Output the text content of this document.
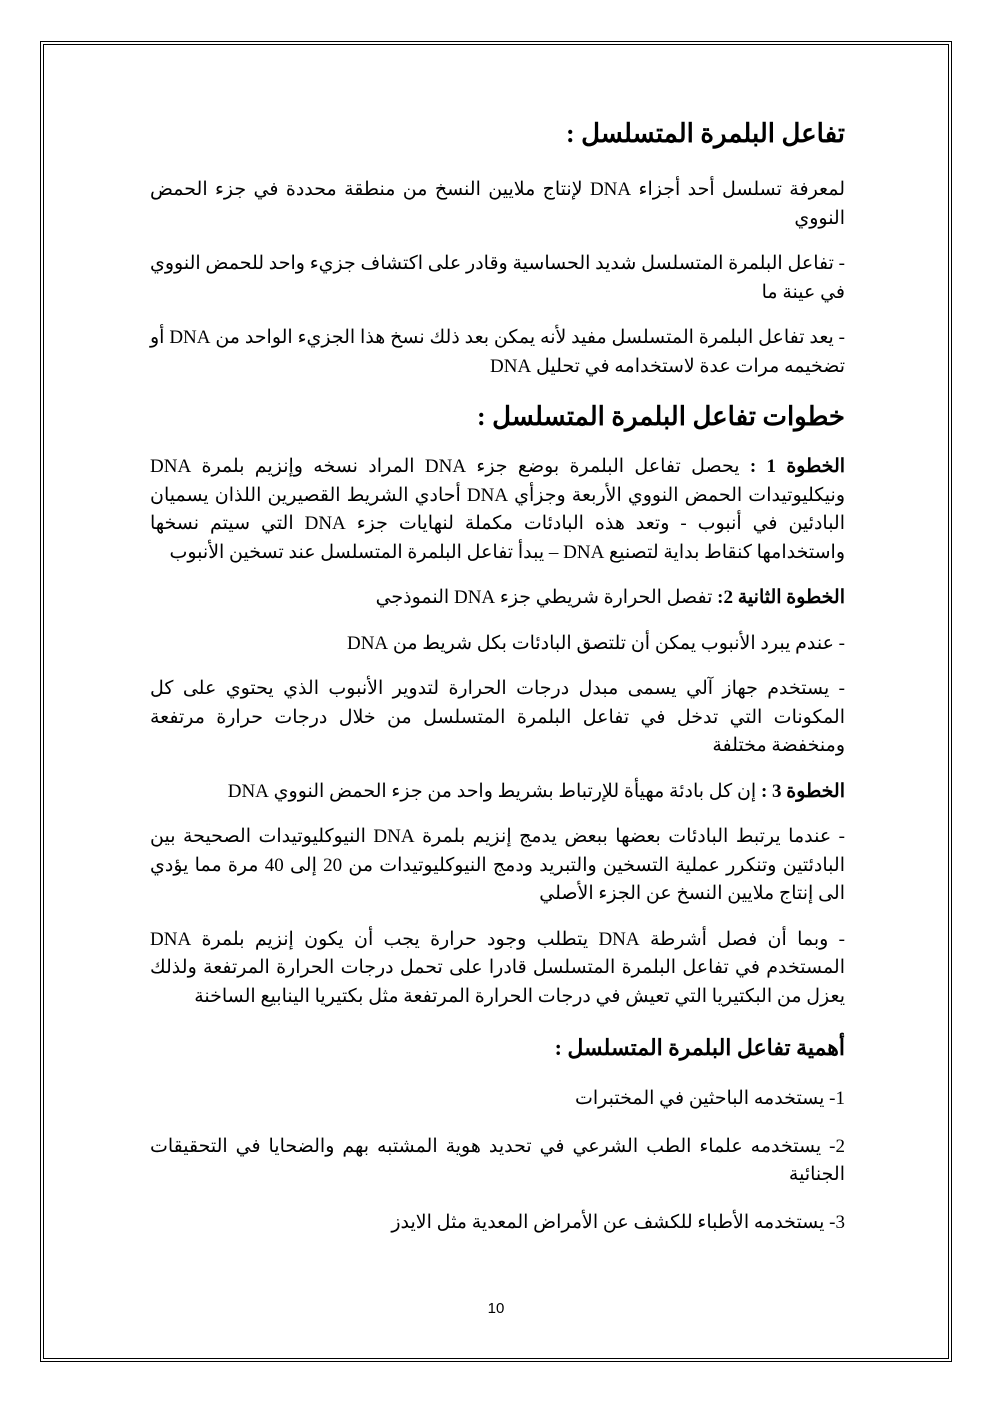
تفاعل البلمرة المتسلسل :

لمعرفة تسلسل أحد أجزاء DNA لإنتاج ملايين النسخ من منطقة محددة في جزء الحمض النووي

- تفاعل البلمرة المتسلسل شديد الحساسية وقادر على اكتشاف جزيء واحد للحمض النووي في عينة ما

- يعد تفاعل البلمرة المتسلسل مفيد لأنه يمكن بعد ذلك نسخ هذا الجزيء الواحد من DNA أو تضخيمه مرات عدة لاستخدامه في تحليل DNA

خطوات تفاعل البلمرة المتسلسل :

الخطوة 1 : يحصل تفاعل البلمرة بوضع جزء DNA المراد نسخه وإنزيم بلمرة DNA ونيكليوتيدات الحمض النووي الأربعة وجزأي DNA أحادي الشريط القصيرين اللذان يسميان البادئين في أنبوب - وتعد هذه البادئات مكملة لنهايات جزء DNA التي سيتم نسخها واستخدامها كنقاط بداية لتصنيع DNA – يبدأ تفاعل البلمرة المتسلسل عند تسخين الأنبوب

الخطوة الثانية 2: تفصل الحرارة شريطي جزء DNA النموذجي

- عندم يبرد الأنبوب يمكن أن تلتصق البادئات بكل شريط من DNA

- يستخدم جهاز آلي يسمى مبدل درجات الحرارة لتدوير الأنبوب الذي يحتوي على كل المكونات التي تدخل في تفاعل البلمرة المتسلسل من خلال درجات حرارة مرتفعة ومنخفضة مختلفة

الخطوة 3 : إن كل بادئة مهيأة للإرتباط بشريط واحد من جزء الحمض النووي DNA

- عندما يرتبط البادئات بعضها ببعض يدمج إنزيم بلمرة DNA النيوكليوتيدات الصحيحة بين البادئتين وتنكرر عملية التسخين والتبريد ودمج النيوكليوتيدات من 20 إلى 40 مرة مما يؤدي الى إنتاج ملايين النسخ عن الجزء الأصلي

- وبما أن فصل أشرطة DNA يتطلب وجود حرارة يجب أن يكون إنزيم بلمرة DNA المستخدم في تفاعل البلمرة المتسلسل قادرا على تحمل درجات الحرارة المرتفعة ولذلك يعزل من البكتيريا التي تعيش في درجات الحرارة المرتفعة مثل بكتيريا الينابيع الساخنة

أهمية تفاعل البلمرة المتسلسل :

1- يستخدمه الباحثين في المختبرات

2- يستخدمه علماء الطب الشرعي في تحديد هوية المشتبه بهم والضحايا في التحقيقات الجنائية

3- يستخدمه الأطباء للكشف عن الأمراض المعدية مثل الايدز

10
